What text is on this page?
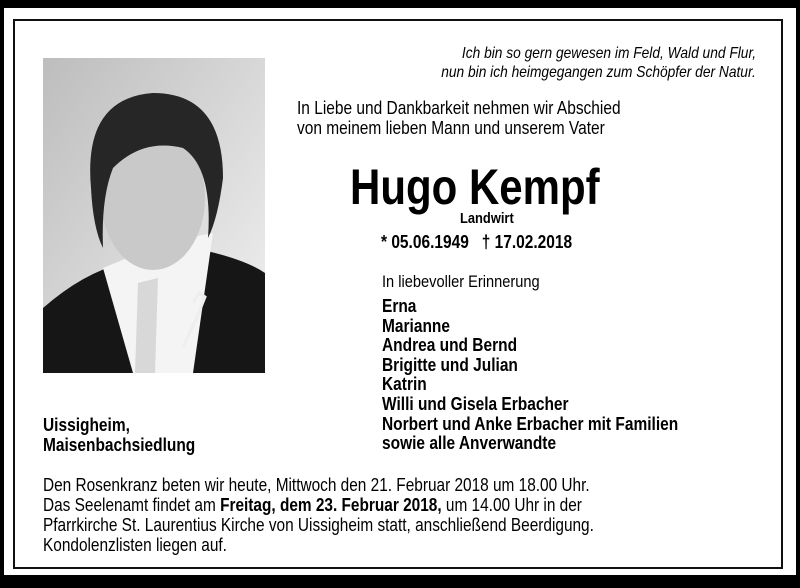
Ich bin so gern gewesen im Feld, Wald und Flur,
nun bin ich heimgegangen zum Schöpfer der Natur.
In Liebe und Dankbarkeit nehmen wir Abschied
von meinem lieben Mann und unserem Vater
Hugo Kempf
Landwirt
* 05.06.1949 † 17.02.2018
In liebevoller Erinnerung
Erna
Marianne
Andrea und Bernd
Brigitte und Julian
Katrin
Willi und Gisela Erbacher
Norbert und Anke Erbacher mit Familien
sowie alle Anverwandte
Uissigheim,
Maisenbachsiedlung
Den Rosenkranz beten wir heute, Mittwoch den 21. Februar 2018 um 18.00 Uhr.
Das Seelenamt findet am Freitag, dem 23. Februar 2018, um 14.00 Uhr in der
Pfarrkirche St. Laurentius Kirche von Uissigheim statt, anschließend Beerdigung.
Kondolenzlisten liegen auf.
